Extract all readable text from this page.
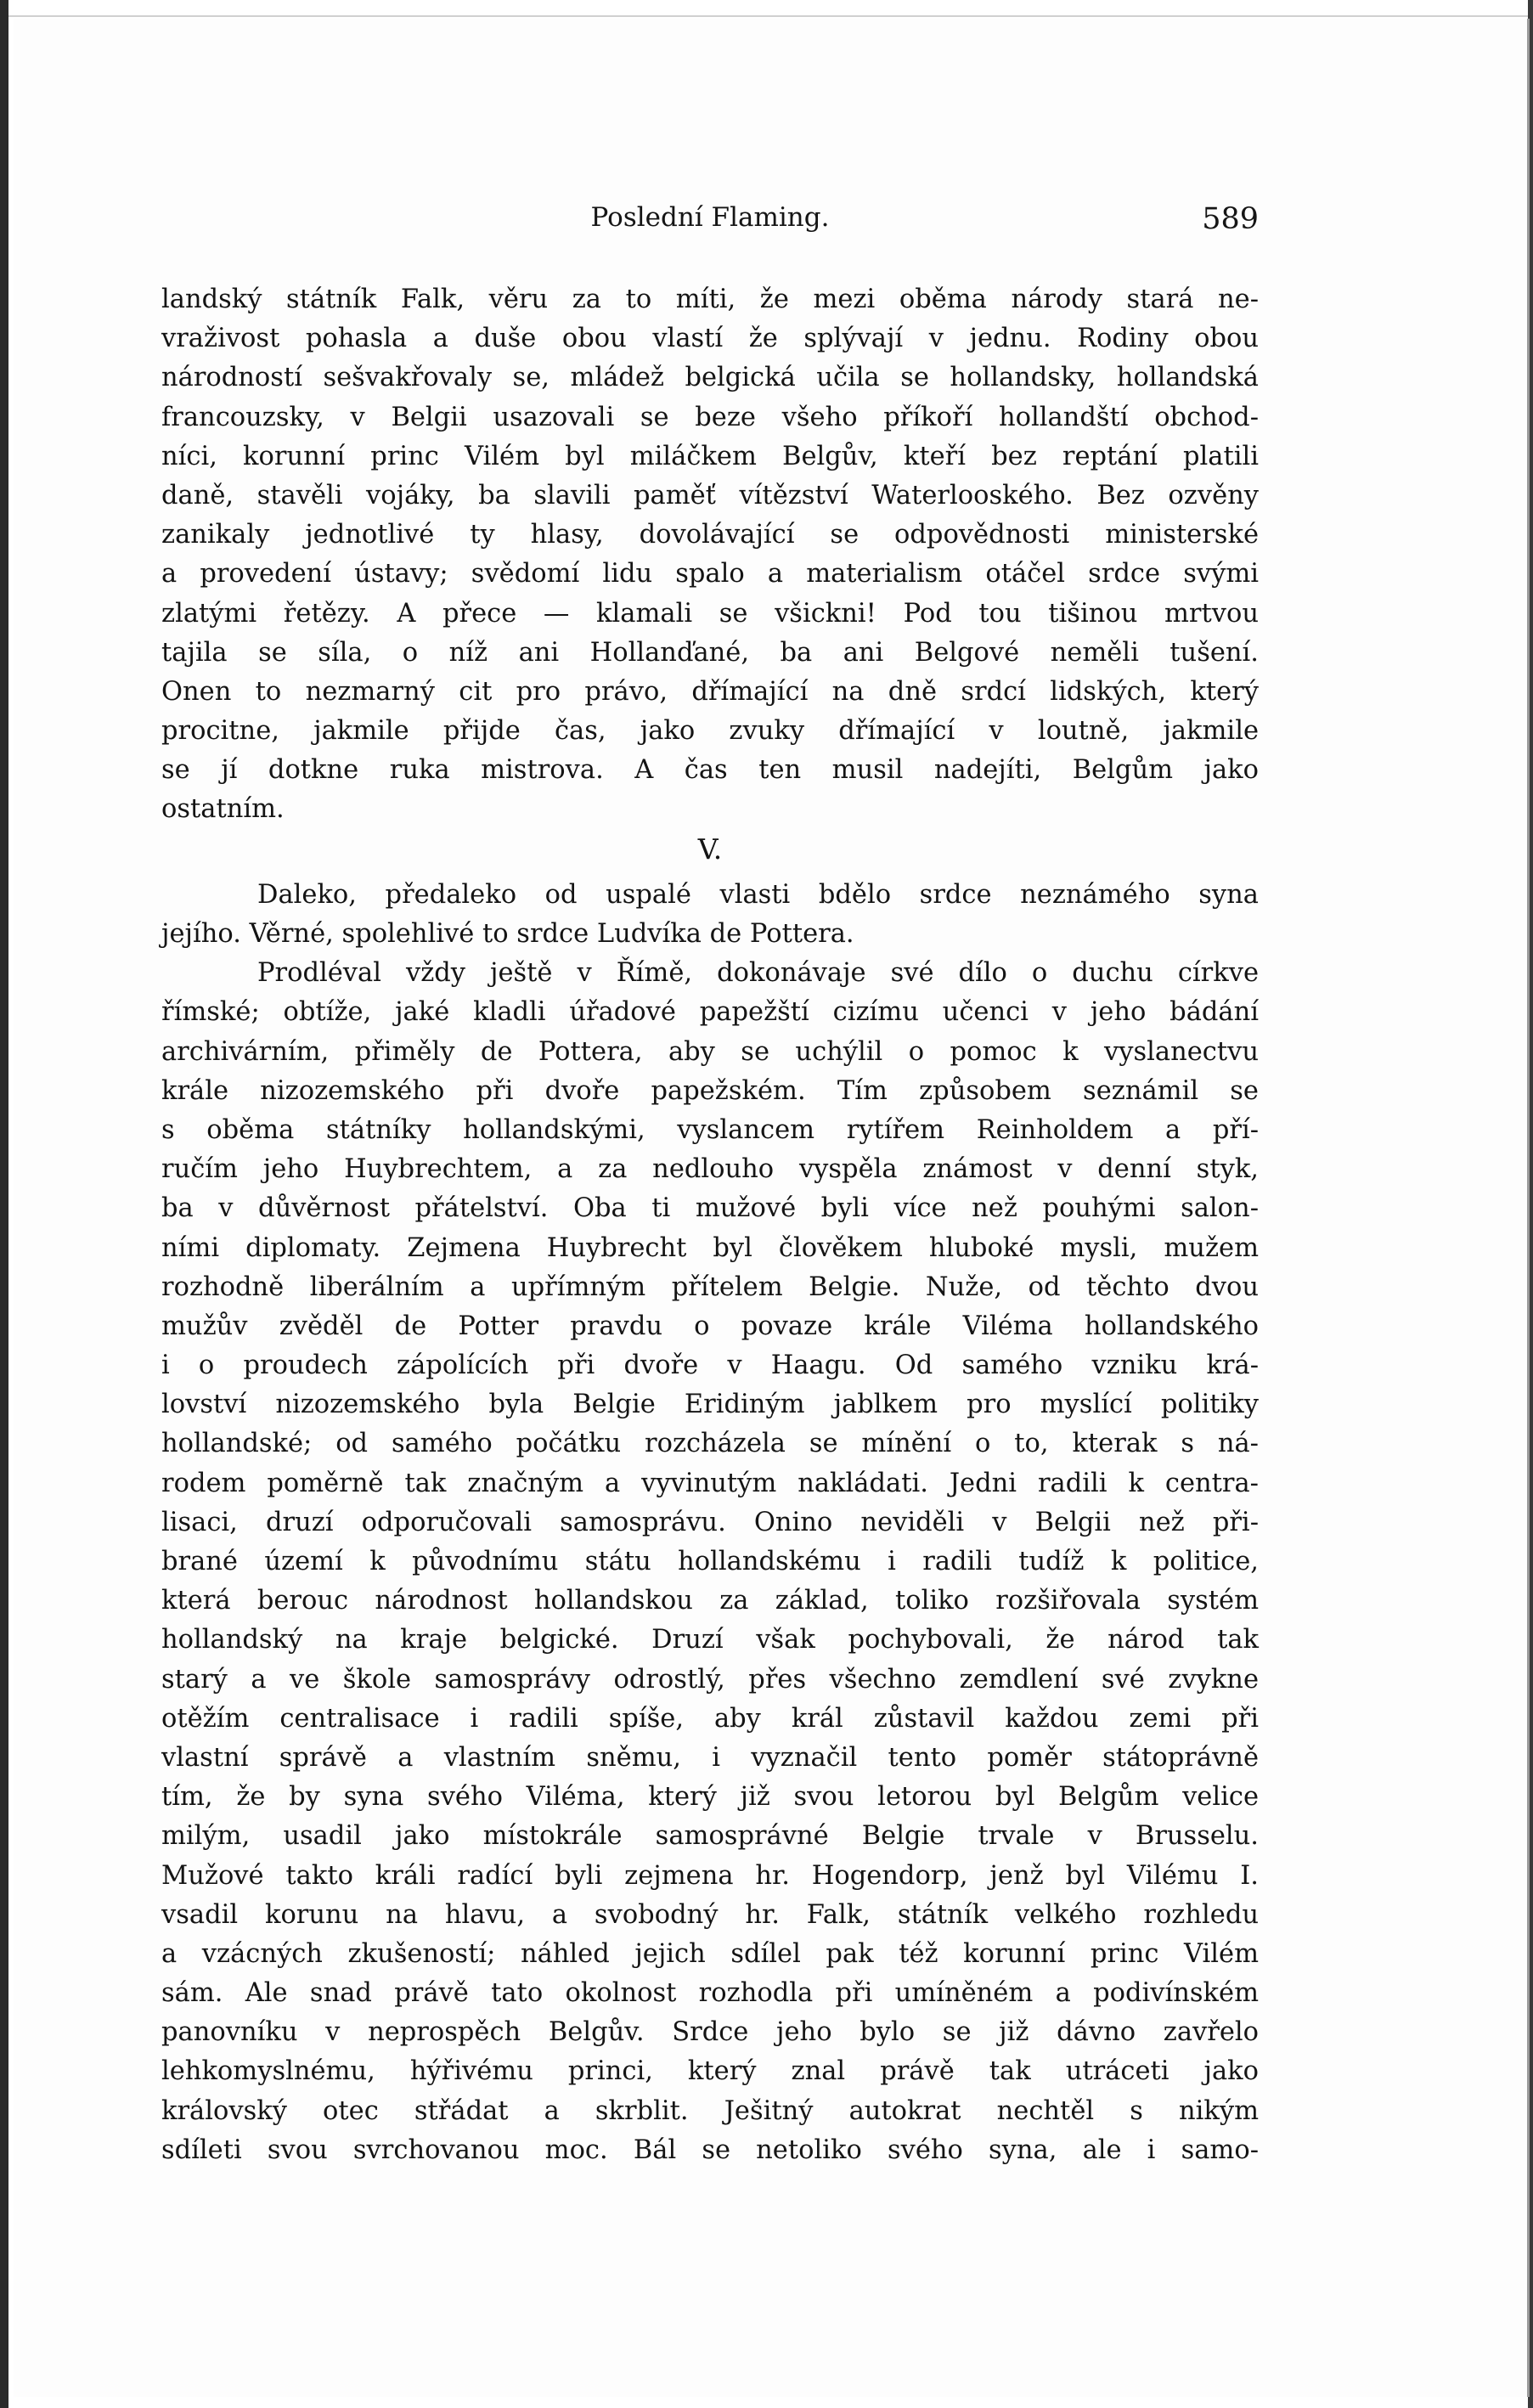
Poslední Flaming.	589
landský státník Falk, věru za to míti, že mezi oběma národy stará ne-
vraživost pohasla a duše obou vlastí že splývají v jednu. Rodiny obou
národností sešvakřovaly se, mládež belgická učila se hollandsky, hollandská
francouzsky, v Belgii usazovali se beze všeho příkoří hollandští obchod-
níci, korunní princ Vilém byl miláčkem Belgův, kteří bez reptání platili
daně, stavěli vojáky, ba slavili paměť vítězství Waterlooského. Bez ozvěny
zanikaly jednotlivé ty hlasy, dovolávající se odpovědnosti ministerské
a provedení ústavy; svědomí lidu spalo a materialism otáčel srdce svými
zlatými řetězy. A přece — klamali se všickni! Pod tou tišinou mrtvou
tajila se síla, o níž ani Hollanďané, ba ani Belgové neměli tušení.
Onen to nezmarný cit pro právo, dřímající na dně srdcí lidských, který
procitne, jakmile přijde čas, jako zvuky dřímající v loutně, jakmile
se jí dotkne ruka mistrova. A čas ten musil nadejíti, Belgům jako
ostatním.
V.
Daleko, předaleko od uspalé vlasti bdělo srdce neznámého syna
jejího. Věrné, spolehlivé to srdce Ludvíka de Pottera.
Prodléval vždy ještě v Římě, dokonávaje své dílo o duchu církve
římské; obtíže, jaké kladli úřadové papežští cizímu učenci v jeho bádání
archivárním, přiměly de Pottera, aby se uchýlil o pomoc k vyslanectvu
krále nizozemského při dvoře papežském. Tím způsobem seznámil se
s oběma státníky hollandskými, vyslancem rytířem Reinholdem a pří-
ručím jeho Huybrechtem, a za nedlouho vyspěla známost v denní styk,
ba v důvěrnost přátelství. Oba ti mužové byli více než pouhými salon-
ními diplomaty. Zejmena Huybrecht byl člověkem hluboké mysli, mužem
rozhodně liberálním a upřímným přítelem Belgie. Nuže, od těchto dvou
mužův zvěděl de Potter pravdu o povaze krále Viléma hollandského
i o proudech zápolících při dvoře v Haagu. Od samého vzniku krá-
lovství nizozemského byla Belgie Eridiným jablkem pro myslící politiky
hollandské; od samého počátku rozcházela se mínění o to, kterak s ná-
rodem poměrně tak značným a vyvinutým nakládati. Jedni radili k centra-
lisaci, druzí odporučovali samosprávu. Onino neviděli v Belgii než při-
brané území k původnímu státu hollandskému i radili tudíž k politice,
která berouc národnost hollandskou za základ, toliko rozšiřovala systém
hollandský na kraje belgické. Druzí však pochybovali, že národ tak
starý a ve škole samosprávy odrostlý, přes všechno zemdlení své zvykne
otěžím centralisace i radili spíše, aby král zůstavil každou zemi při
vlastní správě a vlastním sněmu, i vyznačil tento poměr státoprávně
tím, že by syna svého Viléma, který již svou letorou byl Belgům velice
milým, usadil jako místokrále samosprávné Belgie trvale v Brusselu.
Mužové takto králi radící byli zejmena hr. Hogendorp, jenž byl Vilému I.
vsadil korunu na hlavu, a svobodný hr. Falk, státník velkého rozhledu
a vzácných zkušeností; náhled jejich sdílel pak též korunní princ Vilém
sám. Ale snad právě tato okolnost rozhodla při umíněném a podivínském
panovníku v neprospěch Belgův. Srdce jeho bylo se již dávno zavřelo
lehkomyslnému, hýřivému princi, který znal právě tak utráceti jako
královský otec střádat a skrblit. Ješitný autokrat nechtěl s nikým
sdíleti svou svrchovanou moc. Bál se netoliko svého syna, ale i samo-
